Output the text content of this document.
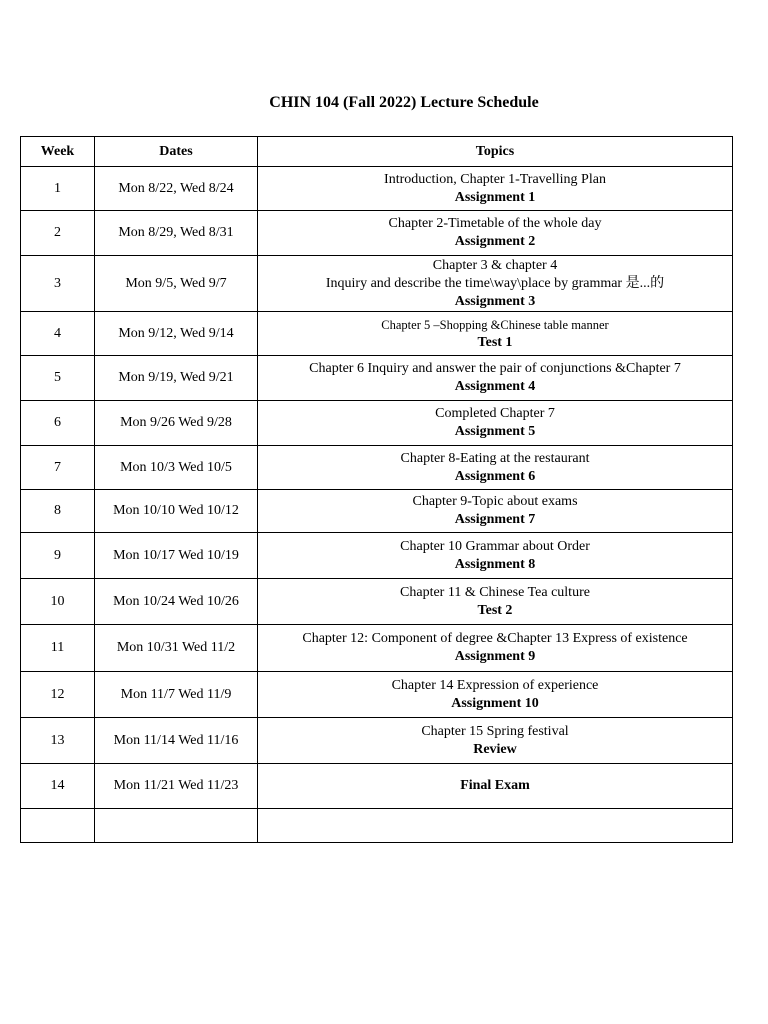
CHIN 104 (Fall 2022) Lecture Schedule
Week	Dates	Topics
1	Mon 8/22, Wed 8/24	Introduction, Chapter 1-Travelling Plan
Assignment 1

2	Mon 8/29, Wed 8/31	Chapter 2-Timetable of the whole day
Assignment 2

3	Mon 9/5, Wed 9/7	Chapter 3 & chapter 4
Inquiry and describe the time\way\place by grammar 是...的
Assignment 3

4	Mon 9/12, Wed 9/14	Chapter 5 –Shopping &Chinese table manner
Test 1

5	Mon 9/19, Wed 9/21	Chapter 6 Inquiry and answer the pair of conjunctions &Chapter 7
Assignment 4

6	Mon 9/26 Wed 9/28	Completed Chapter 7
Assignment 5

7	Mon 10/3 Wed 10/5	Chapter 8-Eating at the restaurant
Assignment 6

8	Mon 10/10 Wed 10/12	Chapter 9-Topic about exams
Assignment 7

9	Mon 10/17 Wed 10/19	Chapter 10 Grammar about Order
Assignment 8

10	Mon 10/24 Wed 10/26	Chapter 11 & Chinese Tea culture
Test 2

11	Mon 10/31 Wed 11/2	Chapter 12: Component of degree &Chapter 13 Express of existence
Assignment 9

12	Mon 11/7 Wed 11/9	Chapter 14 Expression of experience
Assignment 10

13	Mon 11/14 Wed 11/16	Chapter 15 Spring festival
Review

14	Mon 11/21 Wed 11/23	Final Exam
